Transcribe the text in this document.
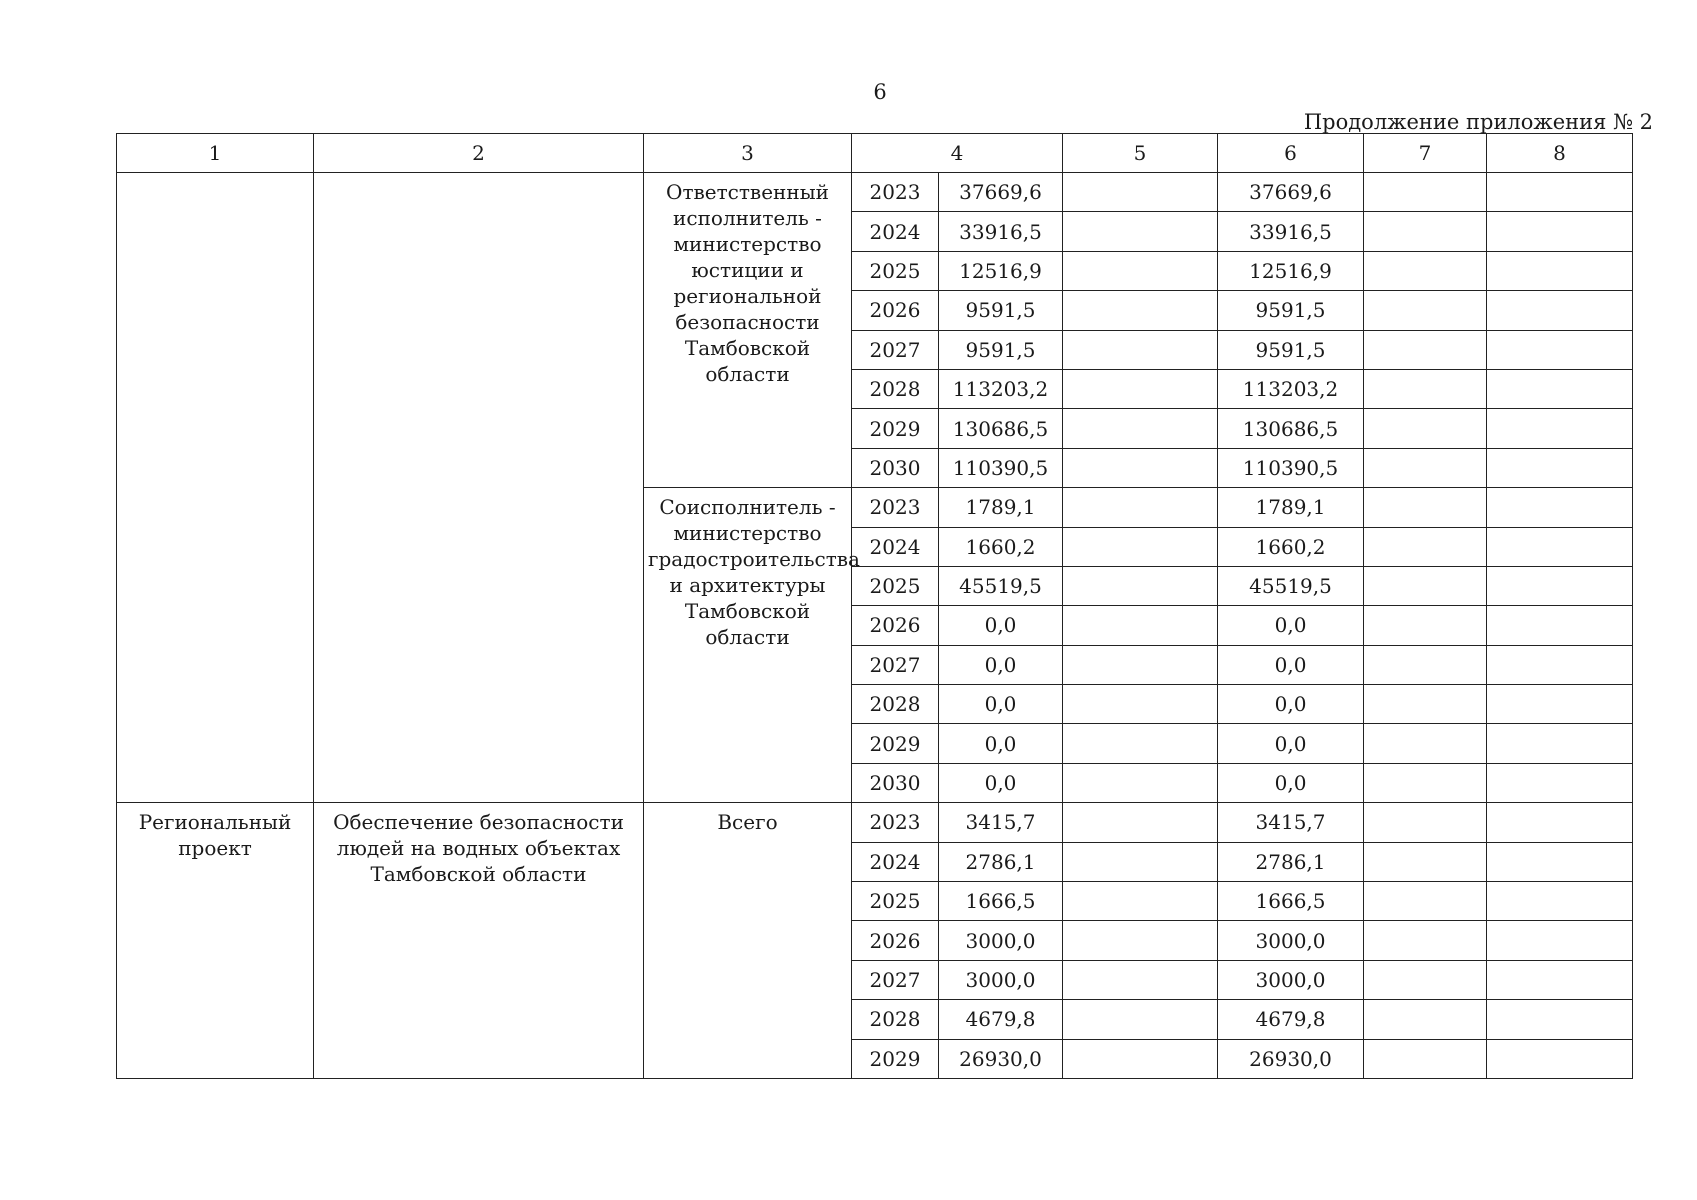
6
Продолжение приложения № 2
1	2	3	4		5	6	7	8
		Ответственный исполнитель - министерство юстиции и региональной безопасности Тамбовской области	2023	37669,6		37669,6		
			2024	33916,5		33916,5		
			2025	12516,9		12516,9		
			2026	9591,5		9591,5		
			2027	9591,5		9591,5		
			2028	113203,2		113203,2		
			2029	130686,5		130686,5		
			2030	110390,5		110390,5		
		Соисполнитель - министерство градостроительства и архитектуры Тамбовской области	2023	1789,1		1789,1		
			2024	1660,2		1660,2		
			2025	45519,5		45519,5		
			2026	0,0		0,0		
			2027	0,0		0,0		
			2028	0,0		0,0		
			2029	0,0		0,0		
			2030	0,0		0,0		
Региональный проект	Обеспечение безопасности людей на водных объектах Тамбовской области	Всего	2023	3415,7		3415,7		
			2024	2786,1		2786,1		
			2025	1666,5		1666,5		
			2026	3000,0		3000,0		
			2027	3000,0		3000,0		
			2028	4679,8		4679,8		
			2029	26930,0		26930,0		
